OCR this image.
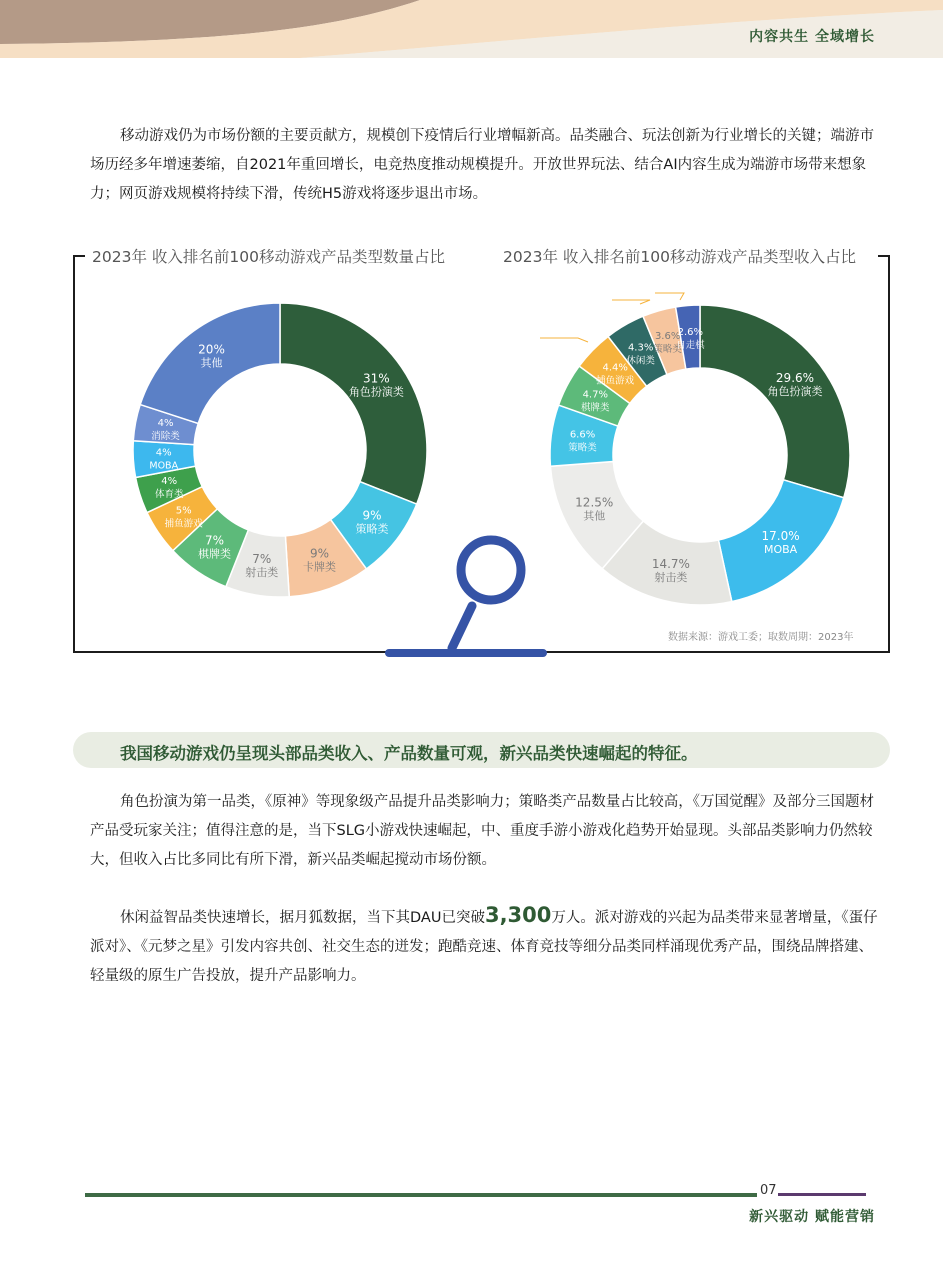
内容共生 全域增长

移动游戏仍为市场份额的主要贡献方，规模创下疫情后行业增幅新高。品类融合、玩法创新为行业增长的关键；端游市场历经多年增速萎缩，自2021年重回增长，电竞热度推动规模提升。开放世界玩法、结合AI内容生成为端游市场带来想象力；网页游戏规模将持续下滑，传统H5游戏将逐步退出市场。

2023年 收入排名前100移动游戏产品类型数量占比	2023年 收入排名前100移动游戏产品类型收入占比
31%
角色扮演类
9%
策略类
9%
卡牌类
7%
射击类
7%
棋牌类
5%
捕鱼游戏
4%
体育类
4%
MOBA
4%
消除类
20%
其他
29.6%
角色扮演类
17.0%
MOBA
14.7%
射击类
12.5%
其他
6.6%
策略类
4.7%
棋牌类
4.4%
捕鱼游戏
4.3%
休闲类
3.6%
策略类
2.6%
自走棋
数据来源：游戏工委；取数周期：2023年
我国移动游戏仍呈现头部品类收入、产品数量可观，新兴品类快速崛起的特征。

角色扮演为第一品类，《原神》等现象级产品提升品类影响力；策略类产品数量占比较高，《万国觉醒》及部分三国题材产品受玩家关注；值得注意的是，当下SLG小游戏快速崛起，中、重度手游小游戏化趋势开始显现。头部品类影响力仍然较大，但收入占比多同比有所下滑，新兴品类崛起搅动市场份额。

休闲益智品类快速增长，据月狐数据，当下其DAU已突破3,300万人。派对游戏的兴起为品类带来显著增量，《蛋仔派对》、《元梦之星》引发内容共创、社交生态的迸发；跑酷竞速、体育竞技等细分品类同样涌现优秀产品，围绕品牌搭建、轻量级的原生广告投放，提升产品影响力。

07
新兴驱动 赋能营销
